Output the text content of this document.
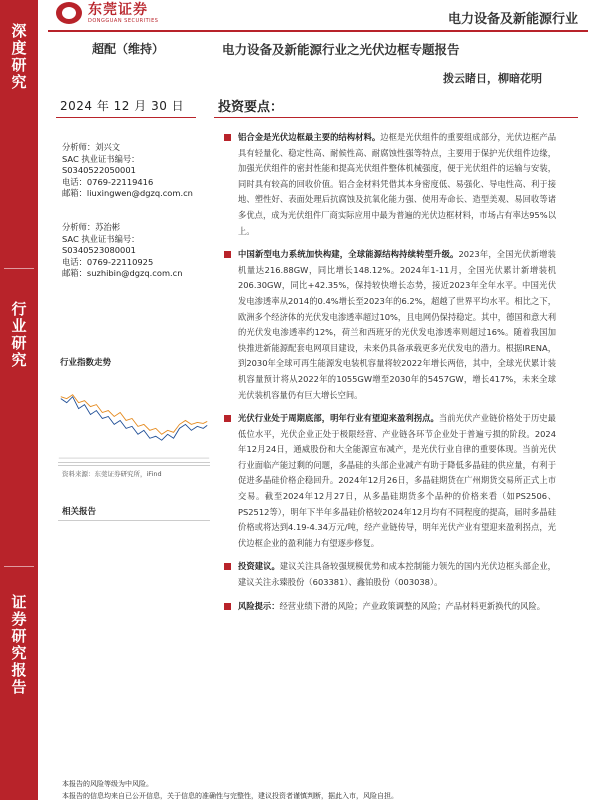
深度研究
行业研究
证券研究报告
东莞证券
DONGGUAN SECURITIES	电力设备及新能源行业
超配（维持）	电力设备及新能源行业之光伏边框专题报告
拨云睹日，柳暗花明
2024 年 12 月 30 日	投资要点：
分析师：刘兴文
SAC 执业证书编号：
S0340522050001
电话：0769-22119416
邮箱：liuxingwen@dgzq.com.cn
分析师：苏治彬
SAC 执业证书编号：
S0340523080001
电话：0769-22110925
邮箱：suzhibin@dgzq.com.cn
行业指数走势
资料来源：东莞证券研究所，iFind
相关报告
铝合金是光伏边框最主要的结构材料。边框是光伏组件的重要组成部分，光伏边框产品具有轻量化、稳定性高、耐候性高、耐腐蚀性强等特点，主要用于保护光伏组件边缘，加强光伏组件的密封性能和提高光伏组件整体机械强度，便于光伏组件的运输与安装，同时具有较高的回收价值。铝合金材料凭借其本身密度低、易强化、导电性高、利于接地、塑性好、表面处理后抗腐蚀及抗氧化能力强、使用寿命长、造型美观、易回收等诸多优点，成为光伏组件厂商实际应用中最为普遍的光伏边框材料，市场占有率达95%以上。
中国新型电力系统加快构建，全球能源结构持续转型升级。2023年，全国光伏新增装机量达216.88GW，同比增长148.12%。2024年1-11月，全国光伏累计新增装机206.30GW，同比+42.35%，保持较快增长态势，接近2023年全年水平。中国光伏发电渗透率从2014的0.4%增长至2023年的6.2%，超越了世界平均水平。相比之下，欧洲多个经济体的光伏发电渗透率超过10%，且电网仍保持稳定。其中，德国和意大利的光伏发电渗透率约12%，荷兰和西班牙的光伏发电渗透率则超过16%。随着我国加快推进新能源配套电网项目建设，未来仍具备承载更多光伏发电的潜力。根据IRENA，到2030年全球可再生能源发电装机容量将较2022年增长两倍，其中，全球光伏累计装机容量预计将从2022年的1055GW增至2030年的5457GW，增长417%，未来全球光伏装机容量仍有巨大增长空间。
光伏行业处于周期底部，明年行业有望迎来盈利拐点。当前光伏产业链价格处于历史最低位水平，光伏企业正处于极限经营、产业链各环节企业处于普遍亏损的阶段。2024年12月24日，通威股份和大全能源宣布减产，是光伏行业自律的重要体现。当前光伏行业面临产能过剩的问题，多晶硅的头部企业减产有助于降低多晶硅的供应量，有利于促进多晶硅价格企稳回升。2024年12月26日，多晶硅期货在广州期货交易所正式上市交易。截至2024年12月27日，从多晶硅期货多个品种的价格来看（如PS2506、PS2512等），明年下半年多晶硅价格较2024年12月均有不同程度的提高，届时多晶硅价格或将达到4.19-4.34万元/吨，经产业链传导，明年光伏产业有望迎来盈利拐点，光伏边框企业的盈利能力有望逐步修复。
投资建议。建议关注具备较强规模优势和成本控制能力领先的国内光伏边框头部企业，建议关注永臻股份（603381）、鑫铂股份（003038）。
风险提示：经营业绩下滑的风险；产业政策调整的风险；产品材料更新换代的风险。
本报告的风险等级为中风险。
本报告的信息均来自已公开信息，关于信息的准确性与完整性，建议投资者谨慎判断，据此入市，风险自担。
